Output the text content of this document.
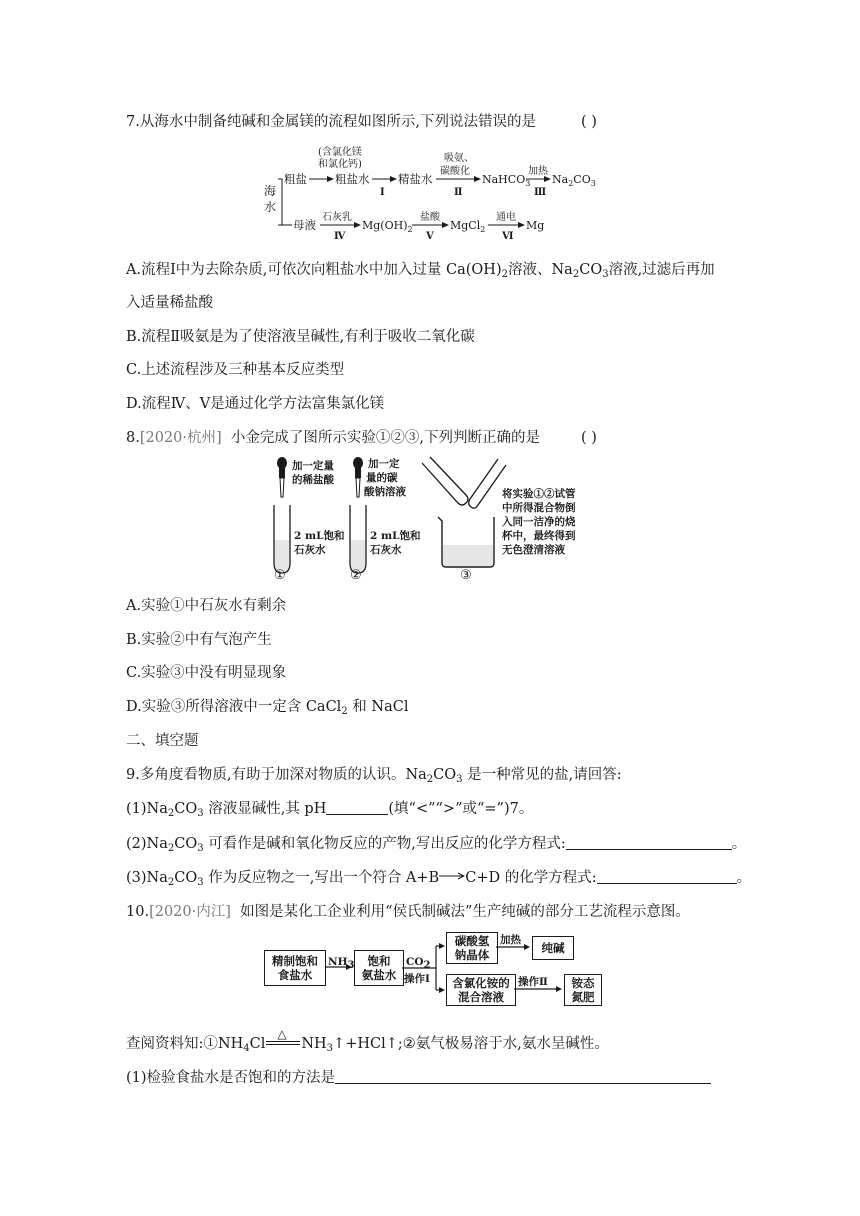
7.从海水中制备纯碱和金属镁的流程如图所示,下列说法错误的是	( )
海
水
粗盐
(含氯化镁
和氯化钙)
粗盐水
Ⅰ
精盐水
吸氨、
碳酸化
Ⅱ
NaHCO$_3$
加热
Ⅲ
$Na_2CO_3$
母液
石灰乳
Ⅳ
$Mg(OH)_2$
盐酸
Ⅴ
MgCl$_2$
通电
Ⅵ
Mg
A.流程Ⅰ中为去除杂质,可依次向粗盐水中加入过量 $Ca(OH)_2$溶液、$Na_2CO_3$溶液,过滤后再加
入适量稀盐酸
B.流程Ⅱ吸氨是为了使溶液呈碱性,有利于吸收二氧化碳
C.上述流程涉及三种基本反应类型
D.流程Ⅳ、Ⅴ是通过化学方法富集氯化镁
8.[2020·杭州] 小金完成了图所示实验①②③,下列判断正确的是	( )
加一定量
的稀盐酸
2 mL饱和
石灰水
①
加一定
量的碳
酸钠溶液
2 mL饱和
石灰水
②	③
将实验①②试管
中所得混合物倒
入同一洁净的烧
杯中，最终得到
无色澄清溶液
A.实验①中石灰水有剩余
B.实验②中有气泡产生
C.实验③中没有明显现象
D.实验③所得溶液中一定含 CaCl$_2$ 和 NaCl
二、填空题
9.多角度看物质,有助于加深对物质的认识。$Na_2CO_3$ 是一种常见的盐,请回答:
$(1)Na_2CO_3$ 溶液显碱性,其 pH	(填“<”“>”或“=”)7。
$(2)Na_2CO_3$ 可看作是碱和氧化物反应的产物,写出反应的化学方程式:	。
$(3)Na_2CO_3$ 作为反应物之一,写出一个符合 A+B→C+D 的化学方程式:	。
10.[2020·内江] 如图是某化工企业利用“侯氏制碱法”生产纯碱的部分工艺流程示意图。
精制饱和
食盐水
$NH_3$	饱和
氨盐水
$CO_2$
操作Ⅰ
碳酸氢
钠晶体
加热
纯碱
含氯化铵的
混合溶液
操作Ⅱ 铵态
氮肥
查阅资料知$:①NH_4Cl$
△
$NH_3↑+HCl↑;②$氨气极易溶于水,氨水呈碱性。
(1)检验食盐水是否饱和的方法是
